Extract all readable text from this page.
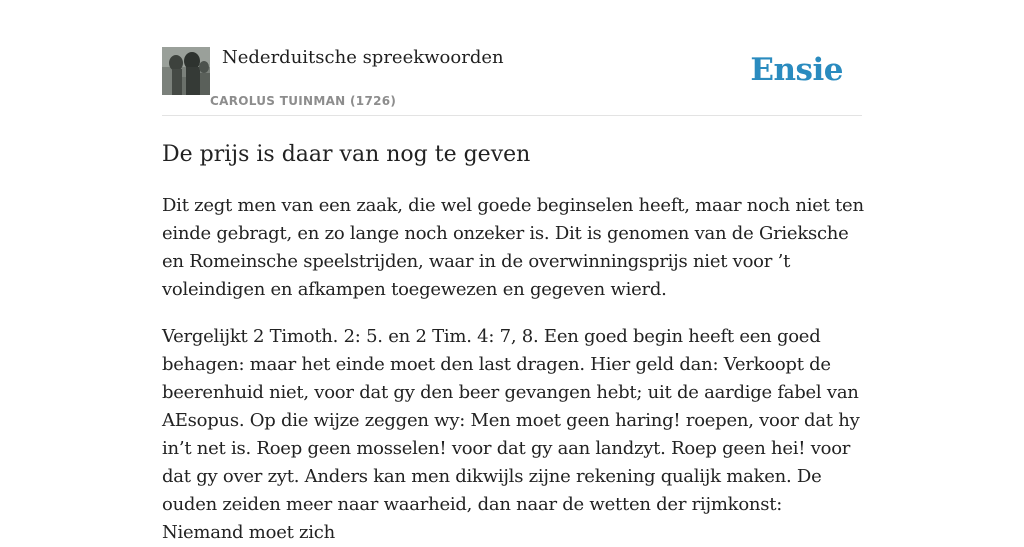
Nederduitsche spreekwoorden
CAROLUS TUINMAN (1726)
Ensie
De prijs is daar van nog te geven

Dit zegt men van een zaak, die wel goede beginselen heeft, maar noch niet ten einde gebragt, en zo lange noch onzeker is. Dit is genomen van de Grieksche en Romeinsche speelstrijden, waar in de overwinningsprijs niet voor ’t voleindigen en afkampen toegewezen en gegeven wierd.

Vergelijkt 2 Timoth. 2: 5. en 2 Tim. 4: 7, 8. Een goed begin heeft een goed behagen: maar het einde moet den last dragen. Hier geld dan: Verkoopt de beerenhuid niet, voor dat gy den beer gevangen hebt; uit de aardige fabel van AEsopus. Op die wijze zeggen wy: Men moet geen haring! roepen, voor dat hy in’t net is. Roep geen mosselen! voor dat gy aan landzyt. Roep geen hei! voor dat gy over zyt. Anders kan men dikwijls zijne rekening qualijk maken. De ouden zeiden meer naar waarheid, dan naar de wetten der rijmkonst: Niemand moet zich
